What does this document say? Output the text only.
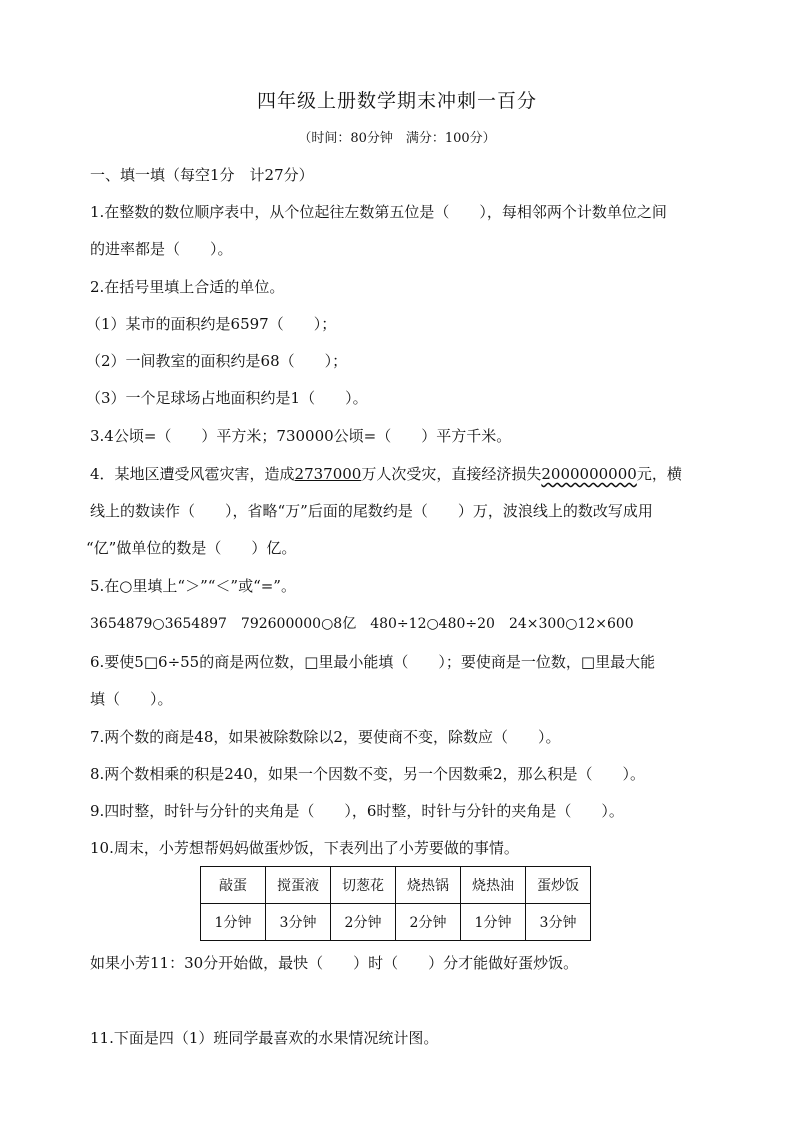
四年级上册数学期末冲刺一百分
（时间：80分钟　满分：100分）
一、填一填（每空1分　计27分）
1.在整数的数位顺序表中，从个位起往左数第五位是（　　），每相邻两个计数单位之间
的进率都是（　　）。
2.在括号里填上合适的单位。
（1）某市的面积约是6597（　　）；
（2）一间教室的面积约是68（　　）；
（3）一个足球场占地面积约是1（　　）。
3.4公顷=（　　）平方米；730000公顷=（　　）平方千米。
4．某地区遭受风雹灾害，造成2737000万人次受灾，直接经济损失2000000000元，横
线上的数读作（　　），省略“万”后面的尾数约是（　　）万，波浪线上的数改写成用
“亿”做单位的数是（　　）亿。
5.在○里填上“＞”“＜”或“=”。
3654879○3654897　792600000○8亿　480÷12○480÷20　24×300○12×600
6.要使5□6÷55的商是两位数，□里最小能填（　　）；要使商是一位数，□里最大能
填（　　）。
7.两个数的商是48，如果被除数除以2，要使商不变，除数应（　　）。
8.两个数相乘的积是240，如果一个因数不变，另一个因数乘2，那么积是（　　）。
9.四时整，时针与分针的夹角是（　　），6时整，时针与分针的夹角是（　　）。
10.周末，小芳想帮妈妈做蛋炒饭，下表列出了小芳要做的事情。
敲蛋	搅蛋液	切葱花	烧热锅	烧热油	蛋炒饭
1分钟	3分钟	2分钟	2分钟	1分钟	3分钟
如果小芳11：30分开始做，最快（　　）时（　　）分才能做好蛋炒饭。
11.下面是四（1）班同学最喜欢的水果情况统计图。
